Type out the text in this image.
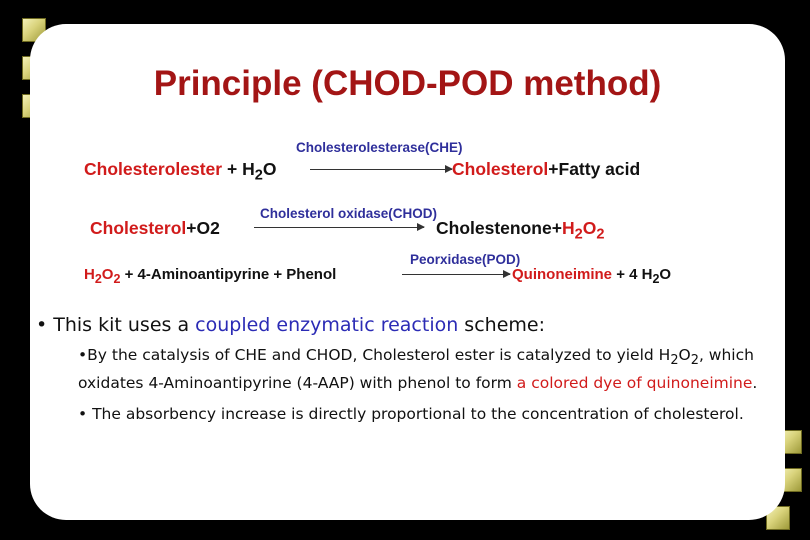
Principle (CHOD-POD method)
Cholesterolesterase(CHE)
Cholesterolester + $H_2O$	Cholesterol+Fatty acid
Cholesterol oxidase(CHOD)
Cholesterol+O2	$Cholestenone+H_2O_2$
Peorxidase(POD)
$H_2O_2$ + 4-Aminoantipyrine + Phenol	Quinoneimine + 4 $H_2O$

• This kit uses a coupled enzymatic reaction scheme:

•By the catalysis of CHE and CHOD, Cholesterol ester is catalyzed to yield $H_2O_2$, which oxidates 4-Aminoantipyrine (4-AAP) with phenol to form a colored dye of quinoneimine.

• The absorbency increase is directly proportional to the concentration of cholesterol.
